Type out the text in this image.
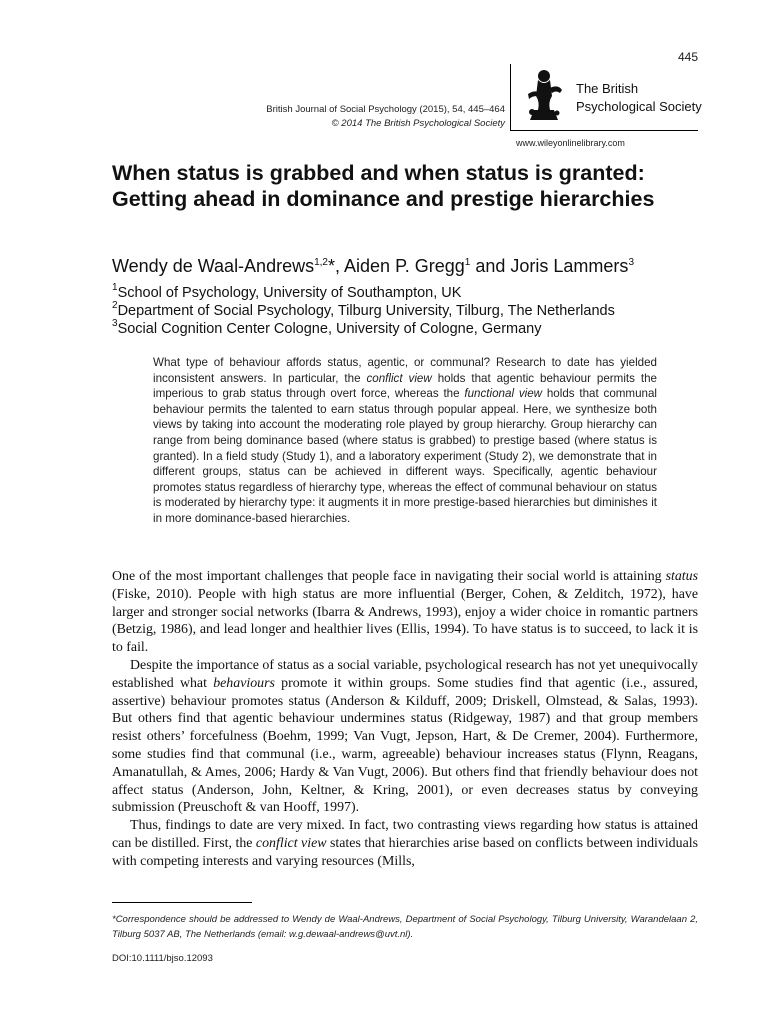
445
British Journal of Social Psychology (2015), 54, 445–464
© 2014 The British Psychological Society
The British
Psychological Society
www.wileyonlinelibrary.com
When status is grabbed and when status is granted: Getting ahead in dominance and prestige hierarchies
Wendy de Waal-Andrews$^{1,2}$*, Aiden P. Gregg$^1$ and Joris Lammers$^3$
$^1$School of Psychology, University of Southampton, UK
$^2$Department of Social Psychology, Tilburg University, Tilburg, The Netherlands
$^3$Social Cognition Center Cologne, University of Cologne, Germany

What type of behaviour affords status, agentic, or communal? Research to date has yielded inconsistent answers. In particular, the conflict view holds that agentic behaviour permits the imperious to grab status through overt force, whereas the functional view holds that communal behaviour permits the talented to earn status through popular appeal. Here, we synthesize both views by taking into account the moderating role played by group hierarchy. Group hierarchy can range from being dominance based (where status is grabbed) to prestige based (where status is granted). In a field study (Study 1), and a laboratory experiment (Study 2), we demonstrate that in different groups, status can be achieved in different ways. Specifically, agentic behaviour promotes status regardless of hierarchy type, whereas the effect of communal behaviour on status is moderated by hierarchy type: it augments it in more prestige-based hierarchies but diminishes it in more dominance-based hierarchies.

One of the most important challenges that people face in navigating their social world is attaining status (Fiske, 2010). People with high status are more influential (Berger, Cohen, & Zelditch, 1972), have larger and stronger social networks (Ibarra & Andrews, 1993), enjoy a wider choice in romantic partners (Betzig, 1986), and lead longer and healthier lives (Ellis, 1994). To have status is to succeed, to lack it is to fail.

Despite the importance of status as a social variable, psychological research has not yet unequivocally established what behaviours promote it within groups. Some studies find that agentic (i.e., assured, assertive) behaviour promotes status (Anderson & Kilduff, 2009; Driskell, Olmstead, & Salas, 1993). But others find that agentic behaviour undermines status (Ridgeway, 1987) and that group members resist others’ forcefulness (Boehm, 1999; Van Vugt, Jepson, Hart, & De Cremer, 2004). Furthermore, some studies find that communal (i.e., warm, agreeable) behaviour increases status (Flynn, Reagans, Amanatullah, & Ames, 2006; Hardy & Van Vugt, 2006). But others find that friendly behaviour does not affect status (Anderson, John, Keltner, & Kring, 2001), or even decreases status by conveying submission (Preuschoft & van Hooff, 1997).

Thus, findings to date are very mixed. In fact, two contrasting views regarding how status is attained can be distilled. First, the conflict view states that hierarchies arise based on conflicts between individuals with competing interests and varying resources (Mills,

*Correspondence should be addressed to Wendy de Waal-Andrews, Department of Social Psychology, Tilburg University, Warandelaan 2, Tilburg 5037 AB, The Netherlands (email: w.g.dewaal-andrews@uvt.nl).
DOI:10.1111/bjso.12093
